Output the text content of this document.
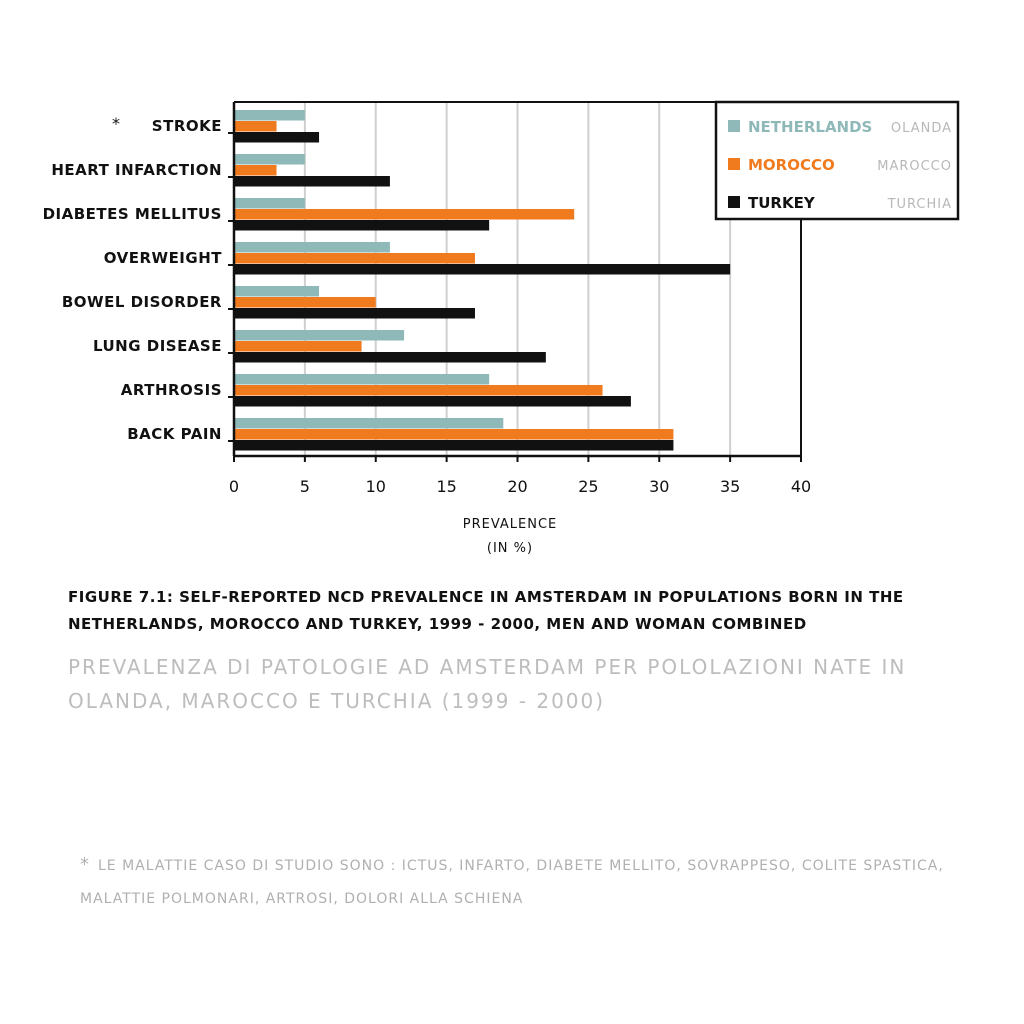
0	5	10	15	20	25	30	35	40
STROKE
HEART INFARCTION
DIABETES MELLITUS
OVERWEIGHT
BOWEL DISORDER
LUNG DISEASE
ARTHROSIS
BACK PAIN
*	NETHERLANDS OLANDA
MOROCCO	MAROCCO
TURKEY	TURCHIA
PREVALENCE
(IN %)

FIGURE 7.1: SELF-REPORTED NCD PREVALENCE IN AMSTERDAM IN POPULATIONS BORN IN THE NETHERLANDS, MOROCCO AND TURKEY, 1999 - 2000, MEN AND WOMAN COMBINED

PREVALENZA DI PATOLOGIE AD AMSTERDAM PER POLOLAZIONI NATE IN OLANDA, MAROCCO E TURCHIA (1999 - 2000)

* LE MALATTIE CASO DI STUDIO SONO : ICTUS, INFARTO, DIABETE MELLITO, SOVRAPPESO, COLITE SPASTICA, MALATTIE POLMONARI, ARTROSI, DOLORI ALLA SCHIENA
